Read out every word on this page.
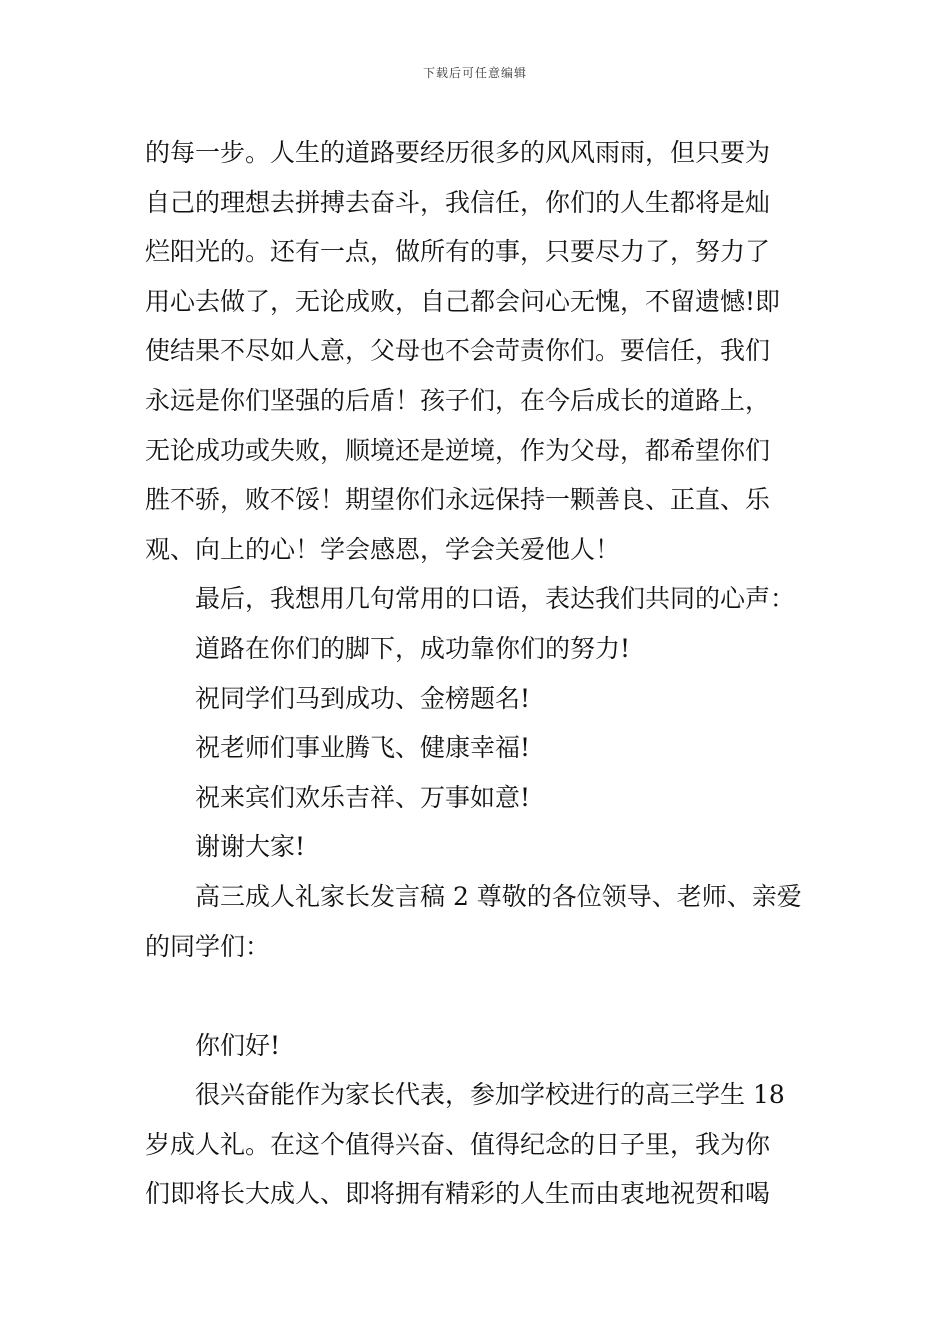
下载后可任意编辑
的每一步。人生的道路要经历很多的风风雨雨，但只要为
自己的理想去拼搏去奋斗，我信任，你们的人生都将是灿
烂阳光的。还有一点，做所有的事，只要尽力了，努力了
用心去做了，无论成败，自己都会问心无愧，不留遗憾!即
使结果不尽如人意，父母也不会苛责你们。要信任，我们
永远是你们坚强的后盾！孩子们，在今后成长的道路上，
无论成功或失败，顺境还是逆境，作为父母，都希望你们
胜不骄，败不馁！期望你们永远保持一颗善良、正直、乐
观、向上的心！学会感恩，学会关爱他人！
最后，我想用几句常用的口语，表达我们共同的心声：
道路在你们的脚下，成功靠你们的努力!
祝同学们马到成功、金榜题名!
祝老师们事业腾飞、健康幸福!
祝来宾们欢乐吉祥、万事如意!
谢谢大家!
高三成人礼家长发言稿 2 尊敬的各位领导、老师、亲爱
的同学们：
你们好!
很兴奋能作为家长代表，参加学校进行的高三学生 18
岁成人礼。在这个值得兴奋、值得纪念的日子里，我为你
们即将长大成人、即将拥有精彩的人生而由衷地祝贺和喝
